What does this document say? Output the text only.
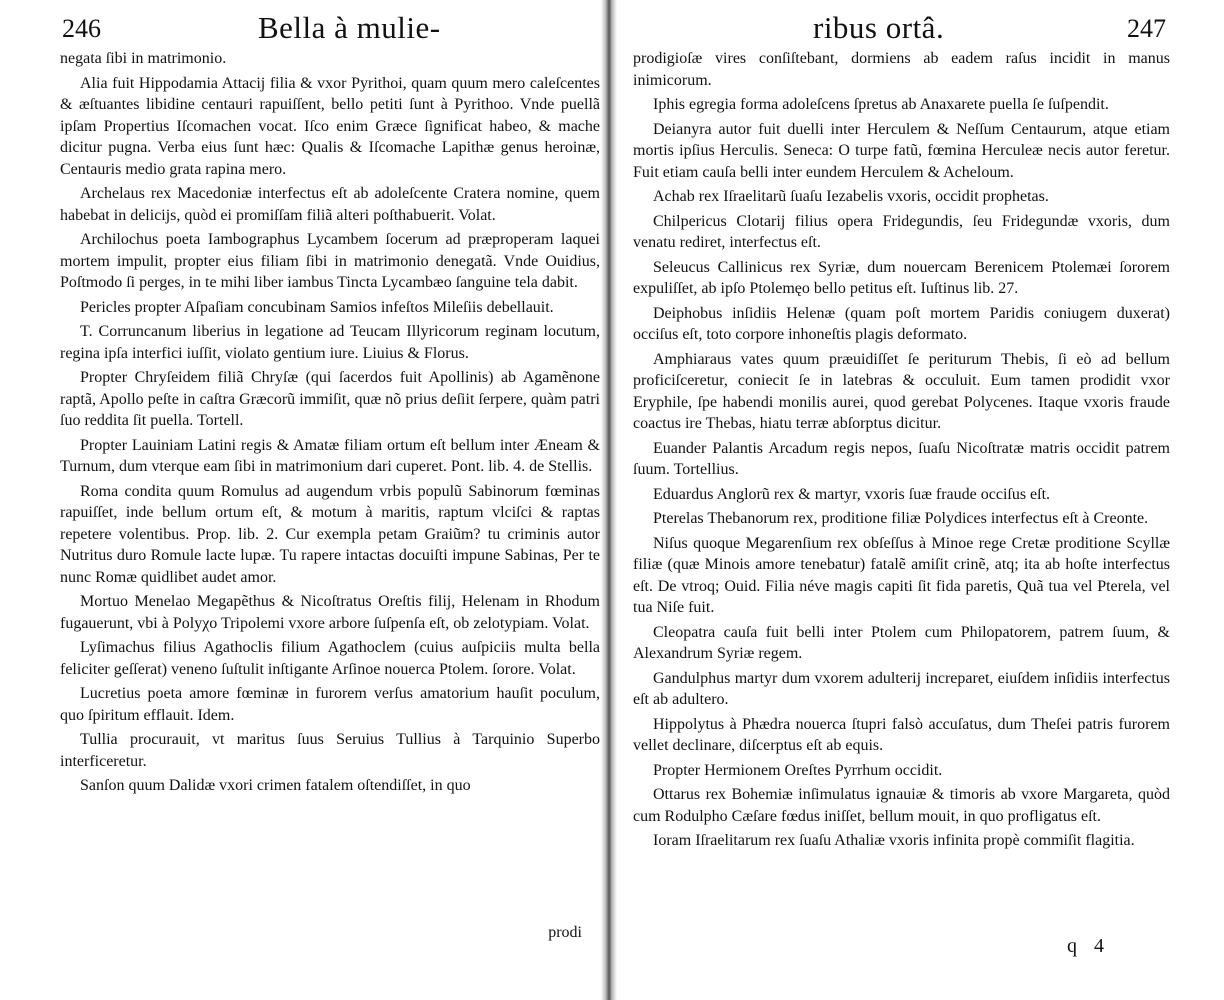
246	Bella à mulie-

negata ſibi in matrimonio.

Alia fuit Hippodamia Attacij filia & vxor Pyrithoi, quam quum mero caleſcentes & æſtuantes libidine centauri rapuiſſent, bello petiti ſunt à Pyrithoo. Vnde puellã ipſam Propertius Iſcomachen vocat. Iſco enim Græce ſignificat habeo, & mache dicitur pugna. Verba eius ſunt hæc: Qualis & Iſcomache Lapithæ genus heroinæ, Centauris medio grata rapina mero.

Archelaus rex Macedoniæ interfectus eſt ab adoleſcente Cratera nomine, quem habebat in delicijs, quòd ei promiſſam filiã alteri poſthabuerit. Volat.

Archilochus poeta Iambographus Lycambem ſocerum ad præproperam laquei mortem impulit, propter eius filiam ſibi in matrimonio denegatã. Vnde Ouidius, Poſtmodo ſi perges, in te mihi liber iambus Tincta Lycambæo ſanguine tela dabit.

Pericles propter Aſpaſiam concubinam Samios infeſtos Mileſiis debellauit.

T. Corruncanum liberius in legatione ad Teucam Illyricorum reginam locutum, regina ipſa interfici iuſſit, violato gentium iure. Liuius & Florus.

Propter Chryſeidem filiã Chryſæ (qui ſacerdos fuit Apollinis) ab Agamẽnone raptã, Apollo peſte in caſtra Græcorũ immiſit, quæ nõ prius deſiit ſerpere, quàm patri ſuo reddita ſit puella. Tortell.

Propter Lauiniam Latini regis & Amatæ filiam ortum eſt bellum inter Æneam & Turnum, dum vterque eam ſibi in matrimonium dari cuperet. Pont. lib. 4. de Stellis.

Roma condita quum Romulus ad augendum vrbis populũ Sabinorum fœminas rapuiſſet, inde bellum ortum eſt, & motum à maritis, raptum vlciſci & raptas repetere volentibus. Prop. lib. 2. Cur exempla petam Graiũm? tu criminis autor Nutritus duro Romule lacte lupæ. Tu rapere intactas docuiſti impune Sabinas, Per te nunc Romæ quidlibet audet amor.

Mortuo Menelao Megapẽthus & Nicoſtratus Oreſtis filij, Helenam in Rhodum fugauerunt, vbi à Polyχo Tripolemi vxore arbore ſuſpenſa eſt, ob zelotypiam. Volat.

Lyſimachus filius Agathoclis filium Agathoclem (cuius auſpiciis multa bella feliciter geſſerat) veneno ſuſtulit inſtigante Arſinoe nouerca Ptolem. ſorore. Volat.

Lucretius poeta amore fœminæ in furorem verſus amatorium hauſit poculum, quo ſpiritum efflauit. Idem.

Tullia procurauit, vt maritus ſuus Seruius Tullius à Tarquinio Superbo interficeretur.

Sanſon quum Dalidæ vxori crimen fatalem oſtendiſſet, in quo

prodi
ribus ortâ.	247

prodigioſæ vires conſiſtebant, dormiens ab eadem raſus incidit in manus inimicorum.

Iphis egregia forma adoleſcens ſpretus ab Anaxarete puella ſe ſuſpendit.

Deianyra autor fuit duelli inter Herculem & Neſſum Centaurum, atque etiam mortis ipſius Herculis. Seneca: O turpe fatũ, fœmina Herculeæ necis autor feretur. Fuit etiam cauſa belli inter eundem Herculem & Acheloum.

Achab rex Iſraelitarũ ſuaſu Iezabelis vxoris, occidit prophetas.

Chilpericus Clotarij filius opera Fridegundis, ſeu Fridegundæ vxoris, dum venatu rediret, interfectus eſt.

Seleucus Callinicus rex Syriæ, dum nouercam Berenicem Ptolemæi ſororem expuliſſet, ab ipſo Ptolemęo bello petitus eſt. Iuſtinus lib. 27.

Deiphobus inſidiis Helenæ (quam poſt mortem Paridis coniugem duxerat) occiſus eſt, toto corpore inhoneſtis plagis deformato.

Amphiaraus vates quum præuidiſſet ſe periturum Thebis, ſi eò ad bellum proficiſceretur, coniecit ſe in latebras & occuluit. Eum tamen prodidit vxor Eryphile, ſpe habendi monilis aurei, quod gerebat Polycenes. Itaque vxoris fraude coactus ire Thebas, hiatu terræ abſorptus dicitur.

Euander Palantis Arcadum regis nepos, ſuaſu Nicoſtratæ matris occidit patrem ſuum. Tortellius.

Eduardus Anglorũ rex & martyr, vxoris ſuæ fraude occiſus eſt.

Pterelas Thebanorum rex, proditione filiæ Polydices interfectus eſt à Creonte.

Niſus quoque Megarenſium rex obſeſſus à Minoe rege Cretæ proditione Scyllæ filiæ (quæ Minois amore tenebatur) fatalẽ amiſit crinẽ, atq; ita ab hoſte interfectus eſt. De vtroq; Ouid. Filia néve magis capiti ſit fida paretis, Quã tua vel Pterela, vel tua Niſe fuit.

Cleopatra cauſa fuit belli inter Ptolem cum Philopatorem, patrem ſuum, & Alexandrum Syriæ regem.

Gandulphus martyr dum vxorem adulterij increparet, eiuſdem inſidiis interfectus eſt ab adultero.

Hippolytus à Phædra nouerca ſtupri falsò accuſatus, dum Theſei patris furorem vellet declinare, diſcerptus eſt ab equis.

Propter Hermionem Oreſtes Pyrrhum occidit.

Ottarus rex Bohemiæ inſimulatus ignauiæ & timoris ab vxore Margareta, quòd cum Rodulpho Cæſare fœdus iniſſet, bellum mouit, in quo profligatus eſt.

Ioram Iſraelitarum rex ſuaſu Athaliæ vxoris infinita propè commiſit flagitia.

q 4
